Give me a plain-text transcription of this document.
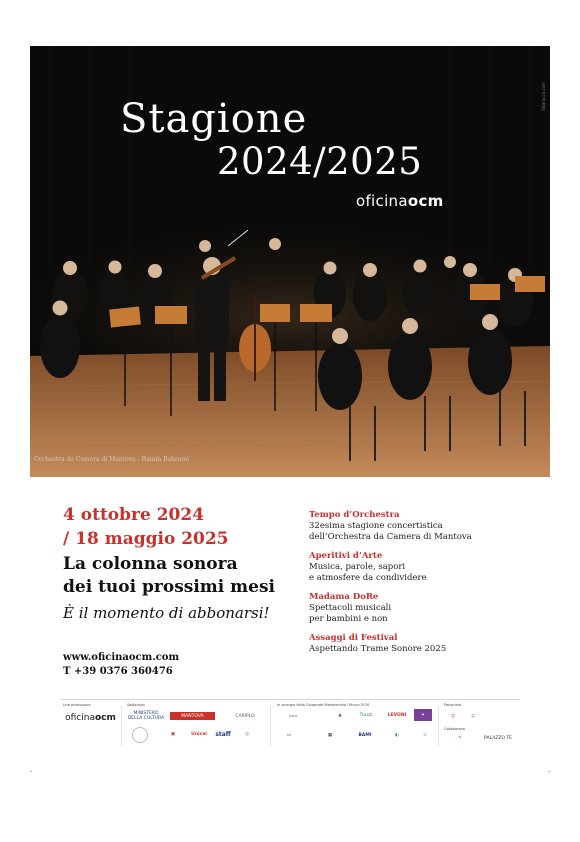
Stagione
2024/2025
oficinaocm
Orchestra da Camera di Mantova - Ramin Bahrami
fotoracca.com
4 ottobre 2024
/ 18 maggio 2025
La colonna sonora
dei tuoi prossimi mesi
È il momento di abbonarsi!
www.oficinaocm.com
T +39 0376 360476
Tempo d’Orchestra
32esima stagione concertistica
dell’Orchestra da Camera di Mantova
Aperitivi d’Arte
Musica, parole, sapori
e atmosfere da condividere
Madama DoRe
Spettacoli musicali
per bambini e non
Assaggi di Festival
Aspettando Trame Sonore 2025
Una produzione	Sostenuto	In sinergia della Corporate Membership Oficina OCM	Patrocinio
Collaborano
oficina ocm	MINISTERO DELLA CULTURA	MANTOVA	CARIPLO
▣	Unical	staff	◎
▭▭	▲	Truzzi	LEVONI	✦
▭	▦	BAMI	◐	♔
⛨	⛨
✎	PALAZZO TE
